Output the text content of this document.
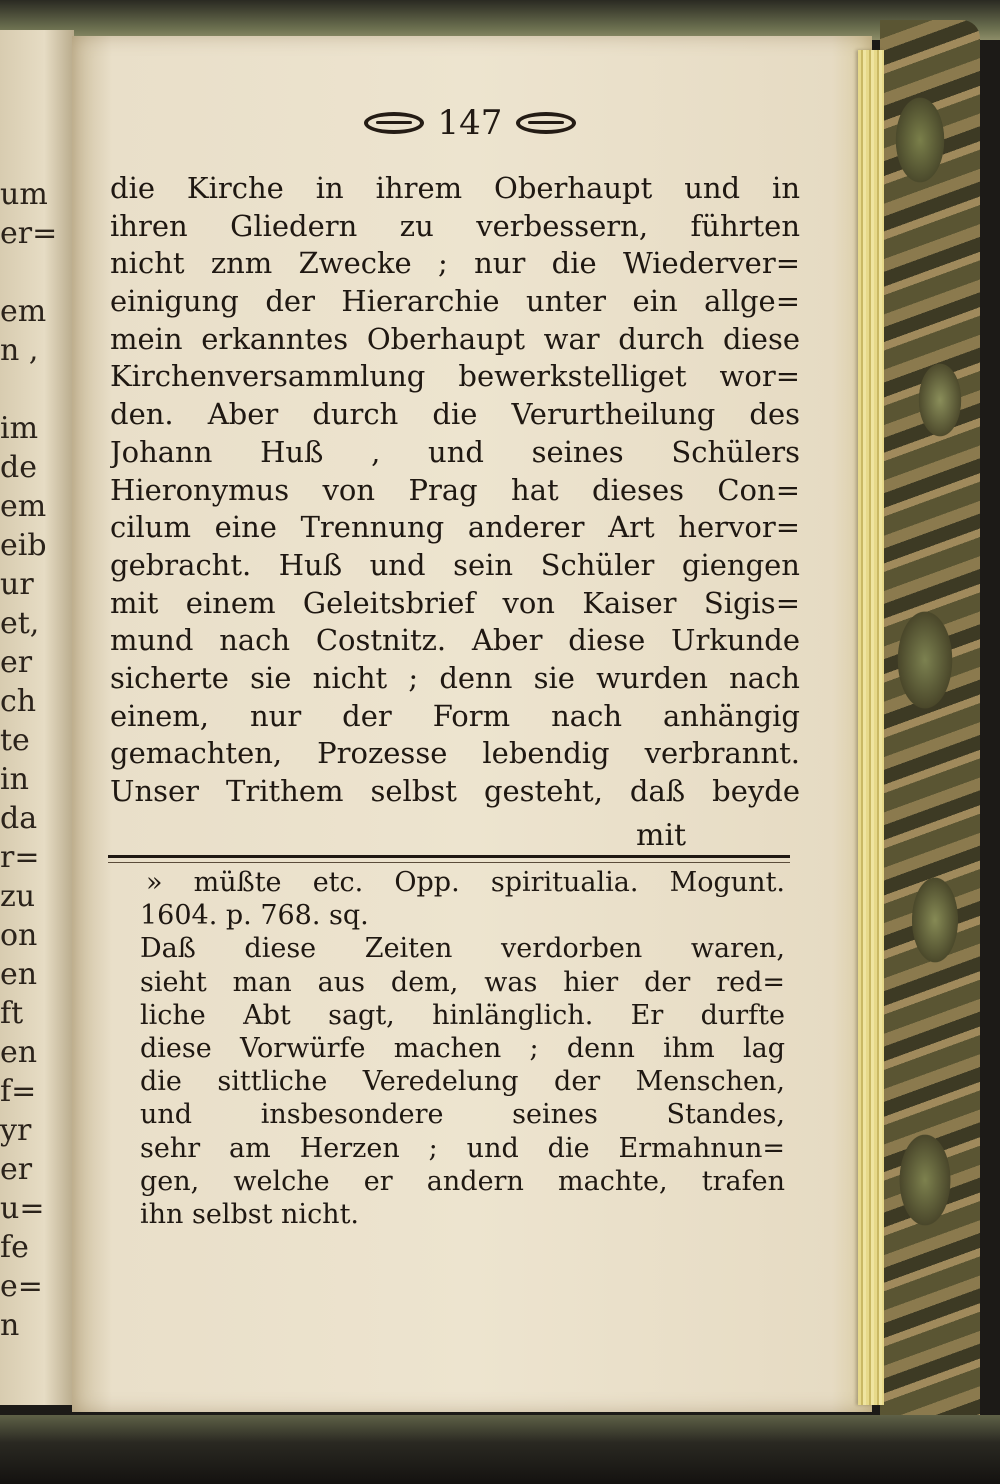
um
er=
em
n ,
im
de
em
eib
ur
et,
er
ch
te
in
da
r=
zu
on
en
ft
en
f=
yr
er
u=
fe
e=
n
147
die Kirche in ihrem Oberhaupt und in
ihren Gliedern zu verbessern, führten
nicht znm Zwecke ; nur die Wiederver=
einigung der Hierarchie unter ein allge=
mein erkanntes Oberhaupt war durch diese
Kirchenversammlung bewerkstelliget wor=
den. Aber durch die Verurtheilung des
Johann Huß , und seines Schülers
Hieronymus von Prag hat dieses Con=
cilum eine Trennung anderer Art hervor=
gebracht. Huß und sein Schüler giengen
mit einem Geleitsbrief von Kaiser Sigis=
mund nach Costnitz. Aber diese Urkunde
sicherte sie nicht ; denn sie wurden nach
einem, nur der Form nach anhängig
gemachten, Prozesse lebendig verbrannt.
Unser Trithem selbst gesteht, daß beyde
mit
» müßte etc. Opp. spiritualia. Mogunt.
1604. p. 768. sq.
Daß diese Zeiten verdorben waren,
sieht man aus dem, was hier der red=
liche Abt sagt, hinlänglich. Er durfte
diese Vorwürfe machen ; denn ihm lag
die sittliche Veredelung der Menschen,
und insbesondere seines Standes,
sehr am Herzen ; und die Ermahnun=
gen, welche er andern machte, trafen
ihn selbst nicht.
